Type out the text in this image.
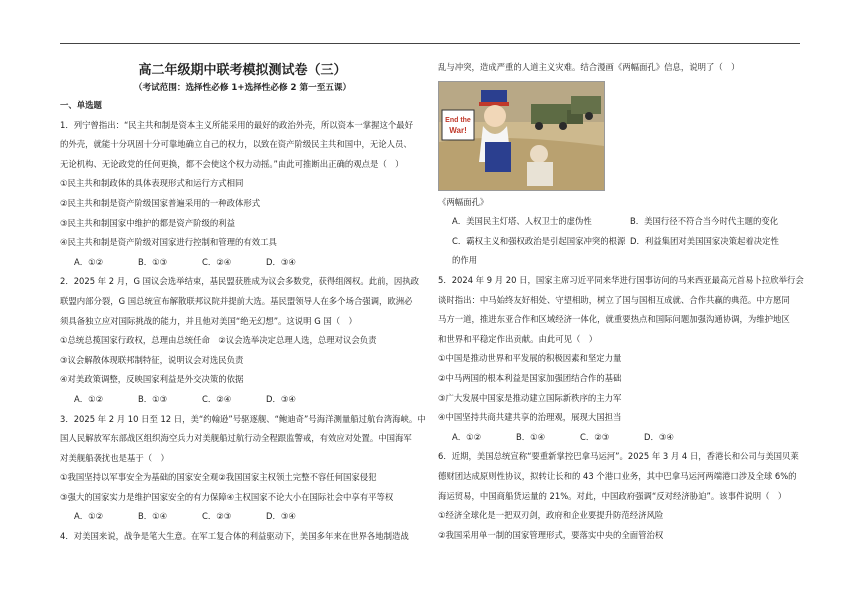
高二年级期中联考模拟测试卷（三）
（考试范围：选择性必修 1+选择性必修 2 第一至五课）
一、单选题

1．列宁曾指出：“民主共和制是资本主义所能采用的最好的政治外壳，所以资本一掌握这个最好

的外壳，就能十分巩固十分可靠地确立自己的权力，以致在资产阶级民主共和国中，无论人员、

无论机构、无论政党的任何更换，都不会使这个权力动摇。”由此可推断出正确的观点是（　）

①民主共和制政体的具体表现形式和运行方式相同

②民主共和制是资产阶级国家普遍采用的一种政体形式

③民主共和制国家中维护的都是资产阶级的利益

④民主共和制是资产阶级对国家进行控制和管理的有效工具

A．①②	B．①③	C．②④	D．③④

2．2025 年 2 月，G 国议会选举结束，基民盟获胜成为议会多数党，获得组阁权。此前，因执政

联盟内部分裂，G 国总统宣布解散联邦议院并提前大选。基民盟领导人在多个场合强调，欧洲必

须具备独立应对国际挑战的能力，并且他对美国“绝无幻想”。这说明 G 国（　）

①总统总揽国家行政权，总理由总统任命　②议会选举决定总理人选，总理对议会负责

③议会解散体现联邦制特征，说明议会对选民负责

④对美政策调整，反映国家利益是外交决策的依据

A．①②	B．①③	C．②④	D．③④

3．2025 年 2 月 10 日至 12 日，美“约翰逊”号驱逐舰、“鲍迪奇”号海洋测量船过航台湾海峡。中

国人民解放军东部战区组织海空兵力对美舰船过航行动全程跟监警戒，有效应对处置。中国海军

对美舰船袭扰也是基于（　）

①我国坚持以军事安全为基础的国家安全观②我国国家主权领土完整不容任何国家侵犯

③强大的国家实力是维护国家安全的有力保障④主权国家不论大小在国际社会中享有平等权

A．①②	B．①④	C．②③	D．③④

4．对美国来说，战争是笔大生意。在军工复合体的利益驱动下，美国多年来在世界各地制造战

乱与冲突，造成严重的人道主义灾难。结合漫画《两幅面孔》信息，说明了（　）

End the
War!

《两幅面孔》

A．美国民主灯塔、人权卫士的虚伪性	B．美国行径不符合当今时代主题的变化
C．霸权主义和强权政治是引起国家冲突的根源 D．利益集团对美国国家决策起着决定性

的作用

5．2024 年 9 月 20 日，国家主席习近平同来华进行国事访问的马来西亚最高元首易卜拉欣举行会

谈时指出：中马始终友好相处、守望相助，树立了国与国相互成就、合作共赢的典范。中方愿同

马方一道，推进东亚合作和区域经济一体化，就重要热点和国际问题加强沟通协调，为维护地区

和世界和平稳定作出贡献。由此可见（　）

①中国是推动世界和平发展的积极因素和坚定力量

②中马两国的根本利益是国家加强团结合作的基础

③广大发展中国家是推动建立国际新秩序的主力军

④中国坚持共商共建共享的治理观，展现大国担当

A．①②	B．①④	C．②③	D．③④

6．近期，美国总统宣称“要重新掌控巴拿马运河”。2025 年 3 月 4 日，香港长和公司与美国贝莱

德财团达成原则性协议，拟转让长和的 43 个港口业务，其中巴拿马运河两端港口涉及全球 6%的

海运贸易，中国商船货运量的 21%。对此，中国政府强调“反对经济胁迫”。该事件说明（　）

①经济全球化是一把双刃剑，政府和企业要提升防范经济风险

②我国采用单一制的国家管理形式，要落实中央的全面管治权
